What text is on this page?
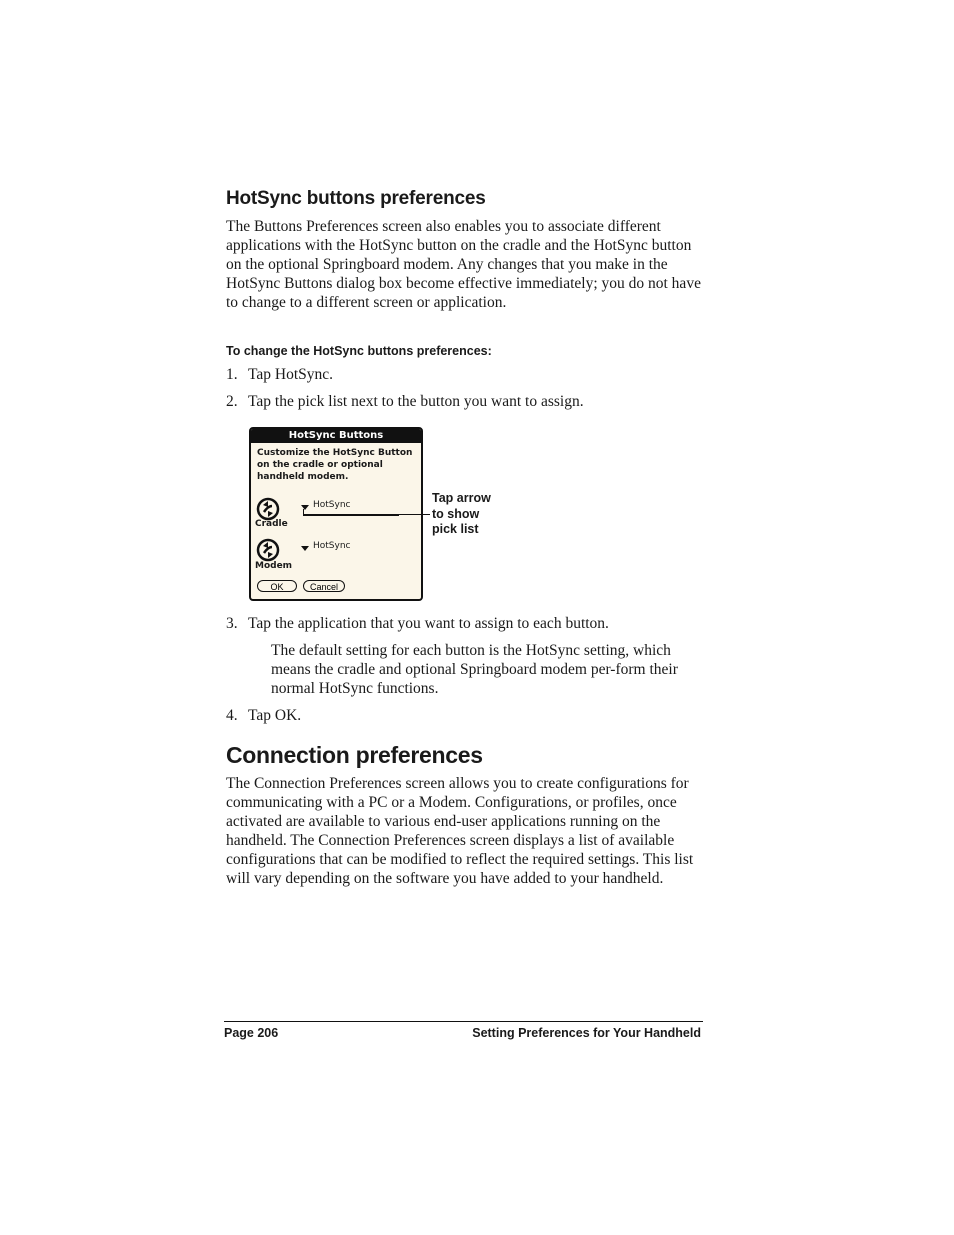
HotSync buttons preferences

The Buttons Preferences screen also enables you to associate different applications with the HotSync button on the cradle and the HotSync button on the optional Springboard modem. Any changes that you make in the HotSync Buttons dialog box become effective immediately; you do not have to change to a different screen or application.

To change the HotSync buttons preferences:
1. Tap HotSync.
2. Tap the pick list next to the button you want to assign.
HotSync Buttons
Customize the HotSync Button on the cradle or optional handheld modem.
Cradle
HotSync
Modem
HotSync
OK	Cancel
Tap arrow
to show
pick list
3. Tap the application that you want to assign to each button.

The default setting for each button is the HotSync setting, which means the cradle and optional Springboard modem per-form their normal HotSync functions.

4. Tap OK.
Connection preferences

The Connection Preferences screen allows you to create configurations for communicating with a PC or a Modem. Configurations, or profiles, once activated are available to various end-user applications running on the handheld. The Connection Preferences screen displays a list of available configurations that can be modified to reflect the required settings. This list will vary depending on the software you have added to your handheld.

Page 206	Setting Preferences for Your Handheld
